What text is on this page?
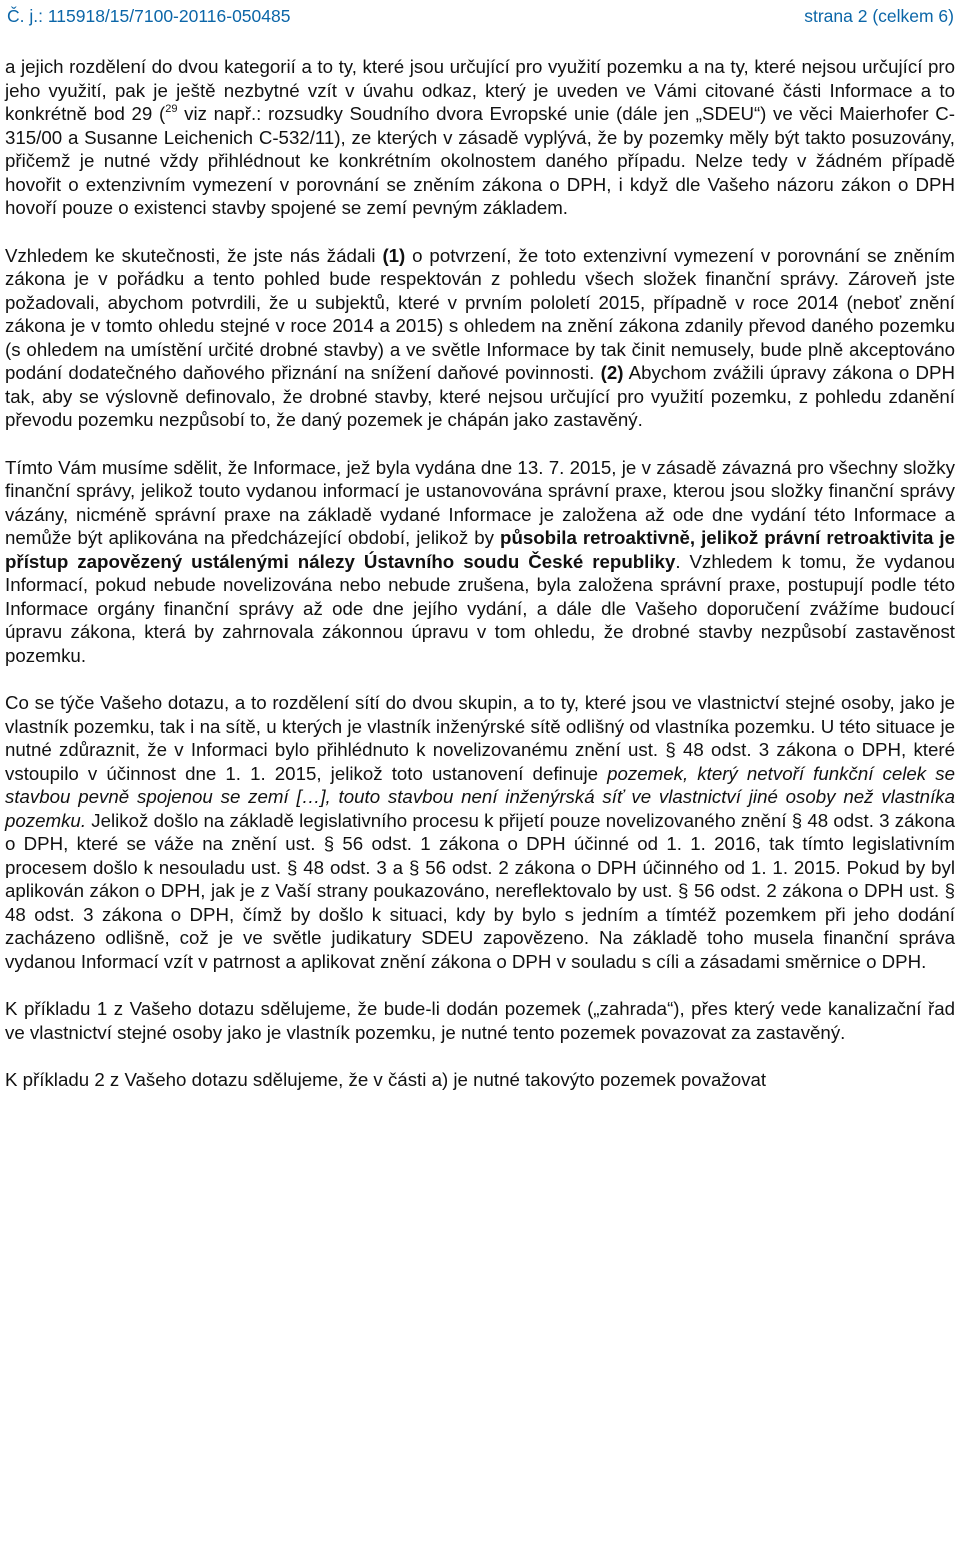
Č. j.: 115918/15/7100-20116-050485	strana 2 (celkem 6)

a jejich rozdělení do dvou kategorií a to ty, které jsou určující pro využití pozemku a na ty, které nejsou určující pro jeho využití, pak je ještě nezbytné vzít v úvahu odkaz, který je uveden ve Vámi citované části Informace a to konkrétně bod 29 ($^{29}$ viz např.: rozsudky Soudního dvora Evropské unie (dále jen „SDEU“) ve věci Maierhofer C-315/00 a Susanne Leichenich C-532/11), ze kterých v zásadě vyplývá, že by pozemky měly být takto posuzovány, přičemž je nutné vždy přihlédnout ke konkrétním okolnostem daného případu. Nelze tedy v žádném případě hovořit o extenzivním vymezení v porovnání se zněním zákona o DPH, i když dle Vašeho názoru zákon o DPH hovoří pouze o existenci stavby spojené se zemí pevným základem.

Vzhledem ke skutečnosti, že jste nás žádali (1) o potvrzení, že toto extenzivní vymezení v porovnání se zněním zákona je v pořádku a tento pohled bude respektován z pohledu všech složek finanční správy. Zároveň jste požadovali, abychom potvrdili, že u subjektů, které v prvním pololetí 2015, případně v roce 2014 (neboť znění zákona je v tomto ohledu stejné v roce 2014 a 2015) s ohledem na znění zákona zdanily převod daného pozemku (s ohledem na umístění určité drobné stavby) a ve světle Informace by tak činit nemusely, bude plně akceptováno podání dodatečného daňového přiznání na snížení daňové povinnosti. (2) Abychom zvážili úpravy zákona o DPH tak, aby se výslovně definovalo, že drobné stavby, které nejsou určující pro využití pozemku, z pohledu zdanění převodu pozemku nezpůsobí to, že daný pozemek je chápán jako zastavěný.

Tímto Vám musíme sdělit, že Informace, jež byla vydána dne 13. 7. 2015, je v zásadě závazná pro všechny složky finanční správy, jelikož touto vydanou informací je ustanovována správní praxe, kterou jsou složky finanční správy vázány, nicméně správní praxe na základě vydané Informace je založena až ode dne vydání této Informace a nemůže být aplikována na předcházející období, jelikož by působila retroaktivně, jelikož právní retroaktivita je přístup zapovězený ustálenými nálezy Ústavního soudu České republiky. Vzhledem k tomu, že vydanou Informací, pokud nebude novelizována nebo nebude zrušena, byla založena správní praxe, postupují podle této Informace orgány finanční správy až ode dne jejího vydání, a dále dle Vašeho doporučení zvážíme budoucí úpravu zákona, která by zahrnovala zákonnou úpravu v tom ohledu, že drobné stavby nezpůsobí zastavěnost pozemku.

Co se týče Vašeho dotazu, a to rozdělení sítí do dvou skupin, a to ty, které jsou ve vlastnictví stejné osoby, jako je vlastník pozemku, tak i na sítě, u kterých je vlastník inženýrské sítě odlišný od vlastníka pozemku. U této situace je nutné zdůraznit, že v Informaci bylo přihlédnuto k novelizovanému znění ust. § 48 odst. 3 zákona o DPH, které vstoupilo v účinnost dne 1. 1. 2015, jelikož toto ustanovení definuje pozemek, který netvoří funkční celek se stavbou pevně spojenou se zemí […], touto stavbou není inženýrská síť ve vlastnictví jiné osoby než vlastníka pozemku. Jelikož došlo na základě legislativního procesu k přijetí pouze novelizovaného znění § 48 odst. 3 zákona o DPH, které se váže na znění ust. § 56 odst. 1 zákona o DPH účinné od 1. 1. 2016, tak tímto legislativním procesem došlo k nesouladu ust. § 48 odst. 3 a § 56 odst. 2 zákona o DPH účinného od 1. 1. 2015. Pokud by byl aplikován zákon o DPH, jak je z Vaší strany poukazováno, nereflektovalo by ust. § 56 odst. 2 zákona o DPH ust. § 48 odst. 3 zákona o DPH, čímž by došlo k situaci, kdy by bylo s jedním a tímtéž pozemkem při jeho dodání zacházeno odlišně, což je ve světle judikatury SDEU zapovězeno. Na základě toho musela finanční správa vydanou Informací vzít v patrnost a aplikovat znění zákona o DPH v souladu s cíli a zásadami směrnice o DPH.

K příkladu 1 z Vašeho dotazu sdělujeme, že bude-li dodán pozemek („zahrada“), přes který vede kanalizační řad ve vlastnictví stejné osoby jako je vlastník pozemku, je nutné tento pozemek povazovat za zastavěný.

K příkladu 2 z Vašeho dotazu sdělujeme, že v části a) je nutné takovýto pozemek považovat
